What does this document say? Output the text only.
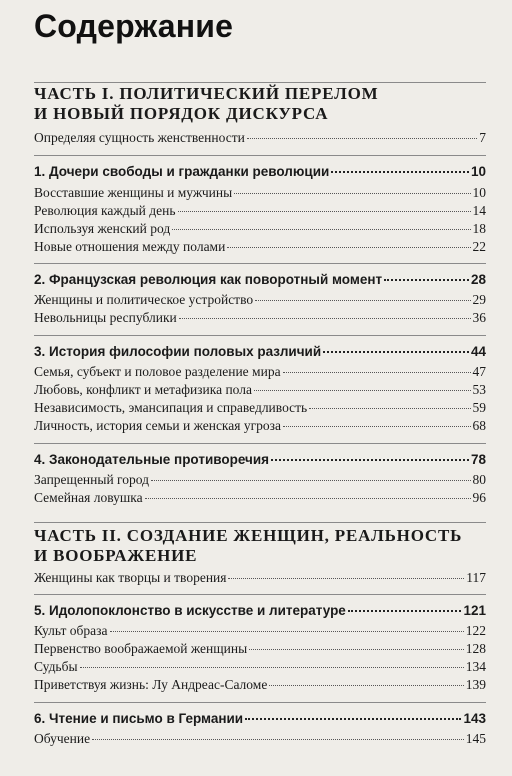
Содержание
ЧАСТЬ I. ПОЛИТИЧЕСКИЙ ПЕРЕЛОМ
И НОВЫЙ ПОРЯДОК ДИСКУРСА
Определяя сущность женственности	7
1. Дочери свободы и гражданки революции	10
Восставшие женщины и мужчины	10
Революция каждый день	14
Используя женский род	18
Новые отношения между полами	22
2. Французская революция как поворотный момент	28
Женщины и политическое устройство	29
Невольницы республики	36
3. История философии половых различий	44
Семья, субъект и половое разделение мира	47
Любовь, конфликт и метафизика пола	53
Независимость, эмансипация и справедливость	59
Личность, история семьи и женская угроза	68
4. Законодательные противоречия	78
Запрещенный город	80
Семейная ловушка	96
ЧАСТЬ II. СОЗДАНИЕ ЖЕНЩИН, РЕАЛЬНОСТЬ
И ВООБРАЖЕНИЕ
Женщины как творцы и творения	117
5. Идолопоклонство в искусстве и литературе	121
Культ образа	122
Первенство воображаемой женщины	128
Судьбы	134
Приветствуя жизнь: Лу Андреас-Саломе	139
6. Чтение и письмо в Германии	143
Обучение	145
